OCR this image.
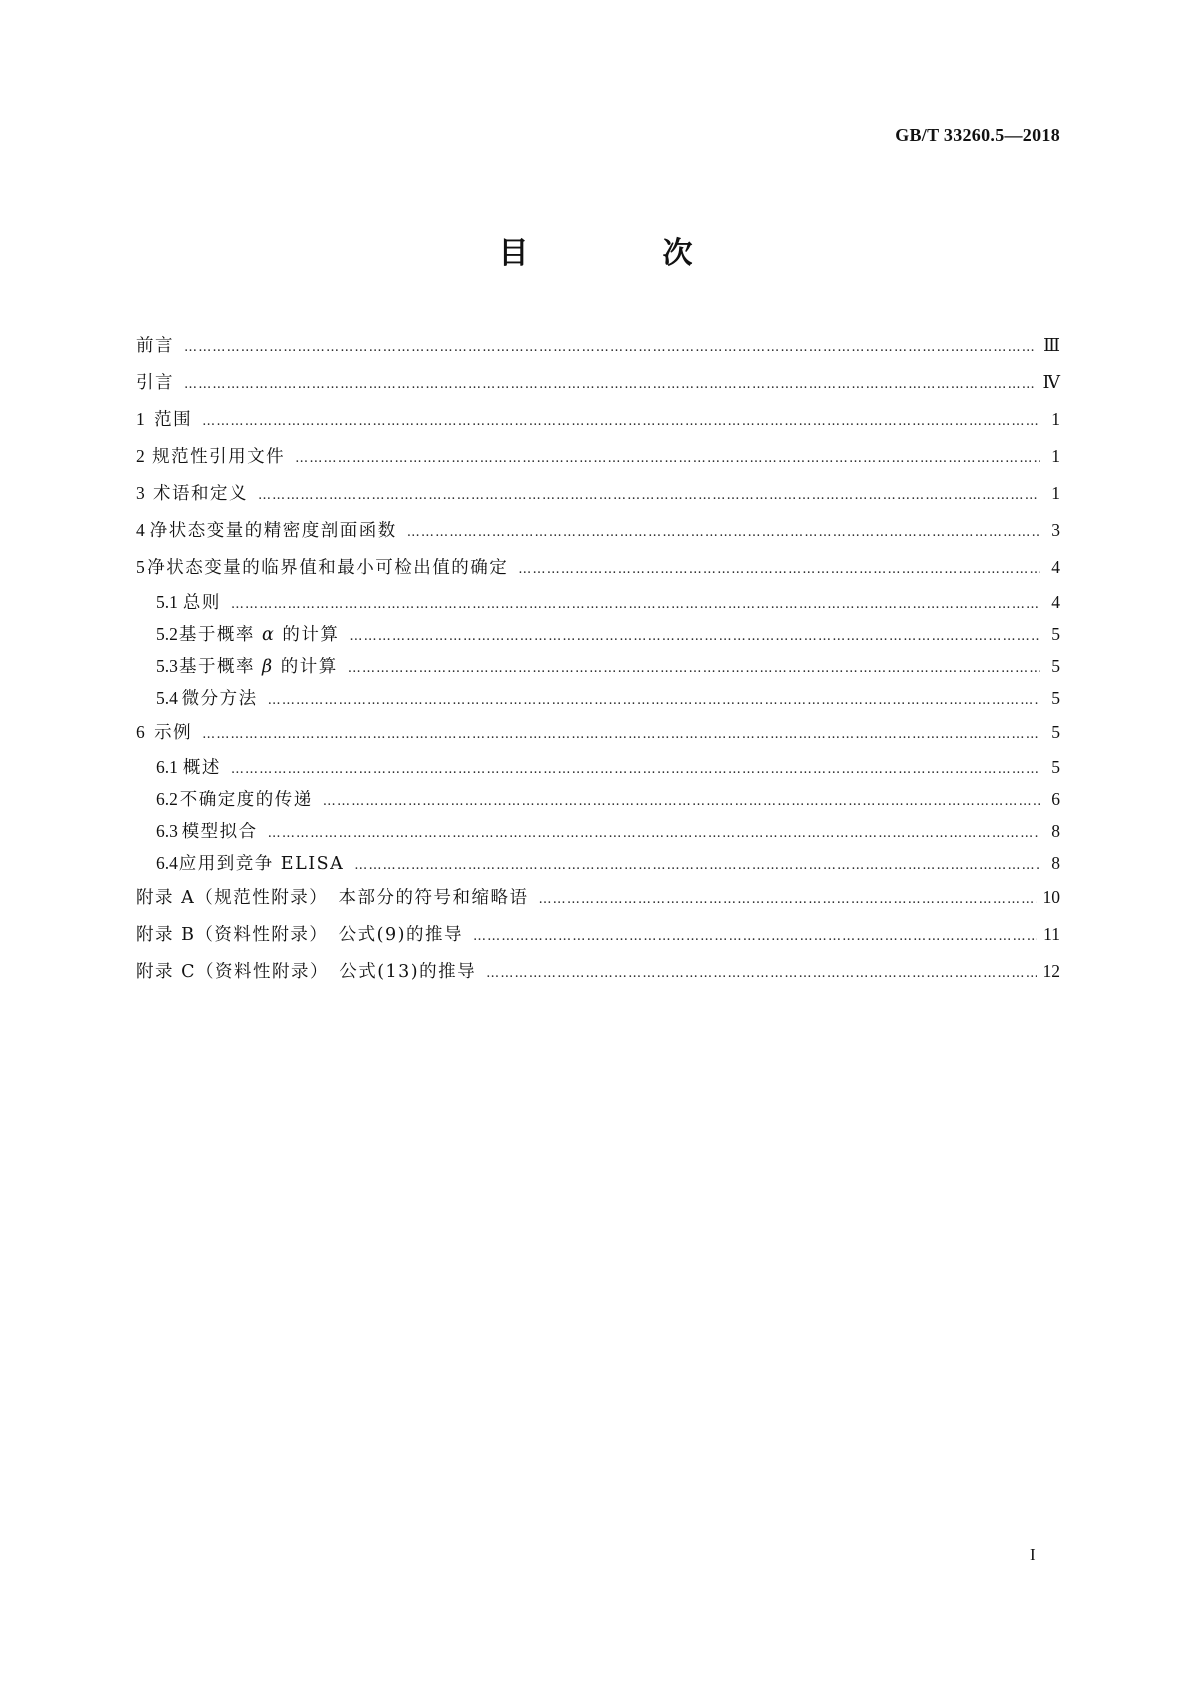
GB/T 33260.5—2018
目　次
前言 ……………………………………………………………………………………………………………………………………………………………………………………………………………………………………………………………………………………	Ⅲ
引言 ……………………………………………………………………………………………………………………………………………………………………………………………………………………………………………………………………………………	Ⅳ
1 范围 ……………………………………………………………………………………………………………………………………………………………………………………………………………………………………………………………………………………	1
2 规范性引用文件 ……………………………………………………………………………………………………………………………………………………………………………………………………………………………………………………………………………………	1
3 术语和定义 ……………………………………………………………………………………………………………………………………………………………………………………………………………………………………………………………………………………	1
4 净状态变量的精密度剖面函数 ……………………………………………………………………………………………………………………………………………………………………………………………………………………………………………………………………………………	3
5 净状态变量的临界值和最小可检出值的确定 ……………………………………………………………………………………………………………………………………………………………………………………………………………………………………………………………………………………	4
5.1 总则 ……………………………………………………………………………………………………………………………………………………………………………………………………………………………………………………………………………………	4
5.2 基于概率 α 的计算 ……………………………………………………………………………………………………………………………………………………………………………………………………………………………………………………………………………………	5
5.3 基于概率 β 的计算 ……………………………………………………………………………………………………………………………………………………………………………………………………………………………………………………………………………………	5
5.4 微分方法 ……………………………………………………………………………………………………………………………………………………………………………………………………………………………………………………………………………………	5
6 示例 ……………………………………………………………………………………………………………………………………………………………………………………………………………………………………………………………………………………	5
6.1 概述 ……………………………………………………………………………………………………………………………………………………………………………………………………………………………………………………………………………………	5
6.2 不确定度的传递 ……………………………………………………………………………………………………………………………………………………………………………………………………………………………………………………………………………………	6
6.3 模型拟合 ……………………………………………………………………………………………………………………………………………………………………………………………………………………………………………………………………………………	8
6.4 应用到竞争 ELISA ……………………………………………………………………………………………………………………………………………………………………………………………………………………………………………………………………………………	8
附录 A（规范性附录）　本部分的符号和缩略语 ……………………………………………………………………………………………………………………………………………………………………………………………………………………………………………………………………………………	10
附录 B（资料性附录）　公式(9)的推导 ……………………………………………………………………………………………………………………………………………………………………………………………………………………………………………………………………………………	11
附录 C（资料性附录）　公式(13)的推导 ……………………………………………………………………………………………………………………………………………………………………………………………………………………………………………………………………………………	12
I
